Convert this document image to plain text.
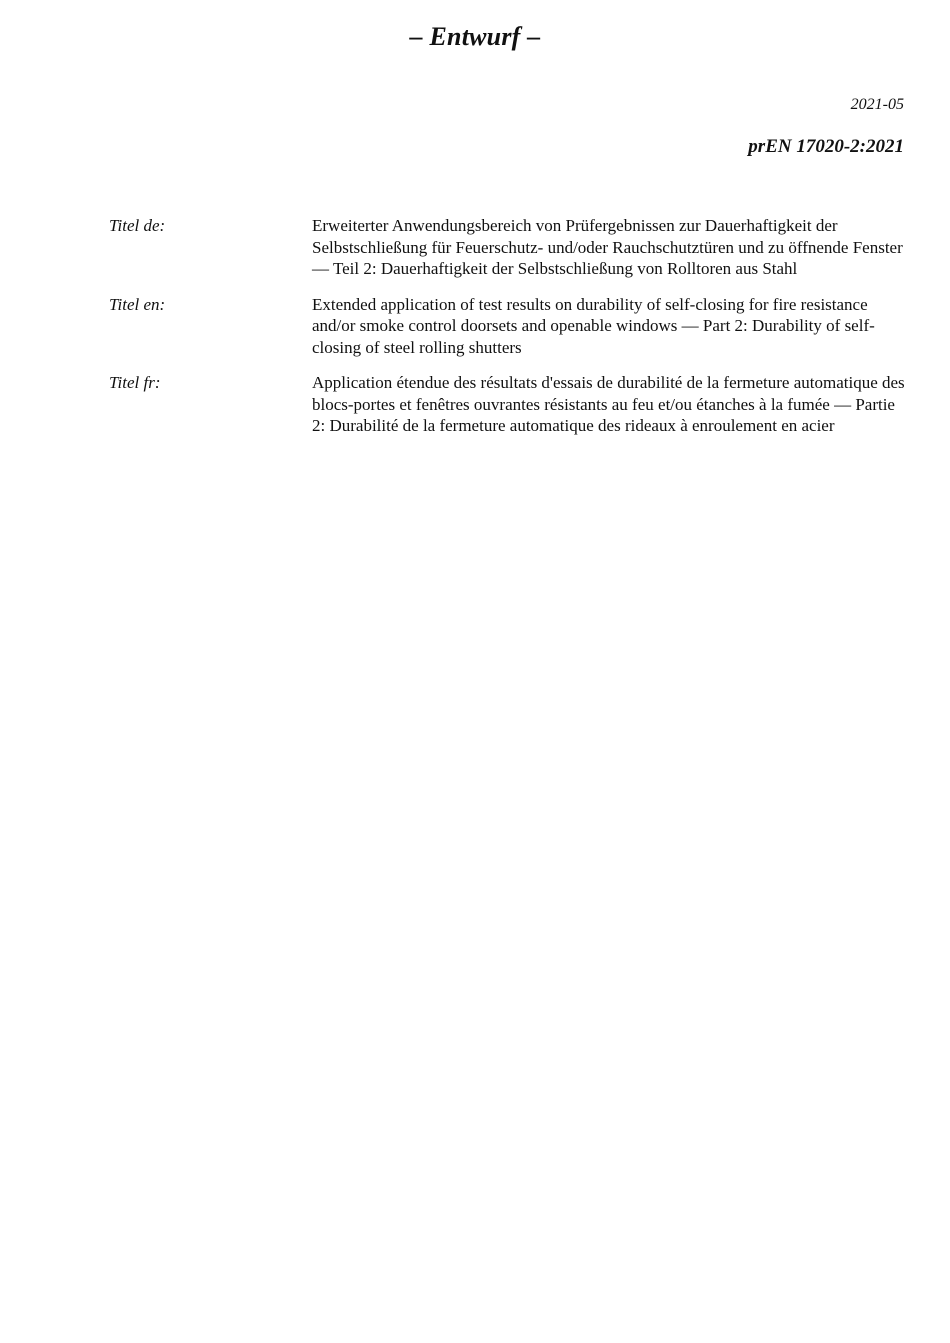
– Entwurf –
2021-05
prEN 17020-2:2021
Titel de:	Erweiterter Anwendungsbereich von Prüfergebnissen zur Dauerhaftigkeit der Selbstschließung für Feuerschutz- und/oder Rauchschutztüren und zu öffnende Fenster — Teil 2: Dauerhaftigkeit der Selbstschließung von Rolltoren aus Stahl
Titel en:	Extended application of test results on durability of self-closing for fire resistance and/or smoke control doorsets and openable windows — Part 2: Durability of self-closing of steel rolling shutters
Titel fr:	Application étendue des résultats d'essais de durabilité de la fermeture automatique des blocs-portes et fenêtres ouvrantes résistants au feu et/ou étanches à la fumée — Partie 2: Durabilité de la fermeture automatique des rideaux à enroulement en acier
